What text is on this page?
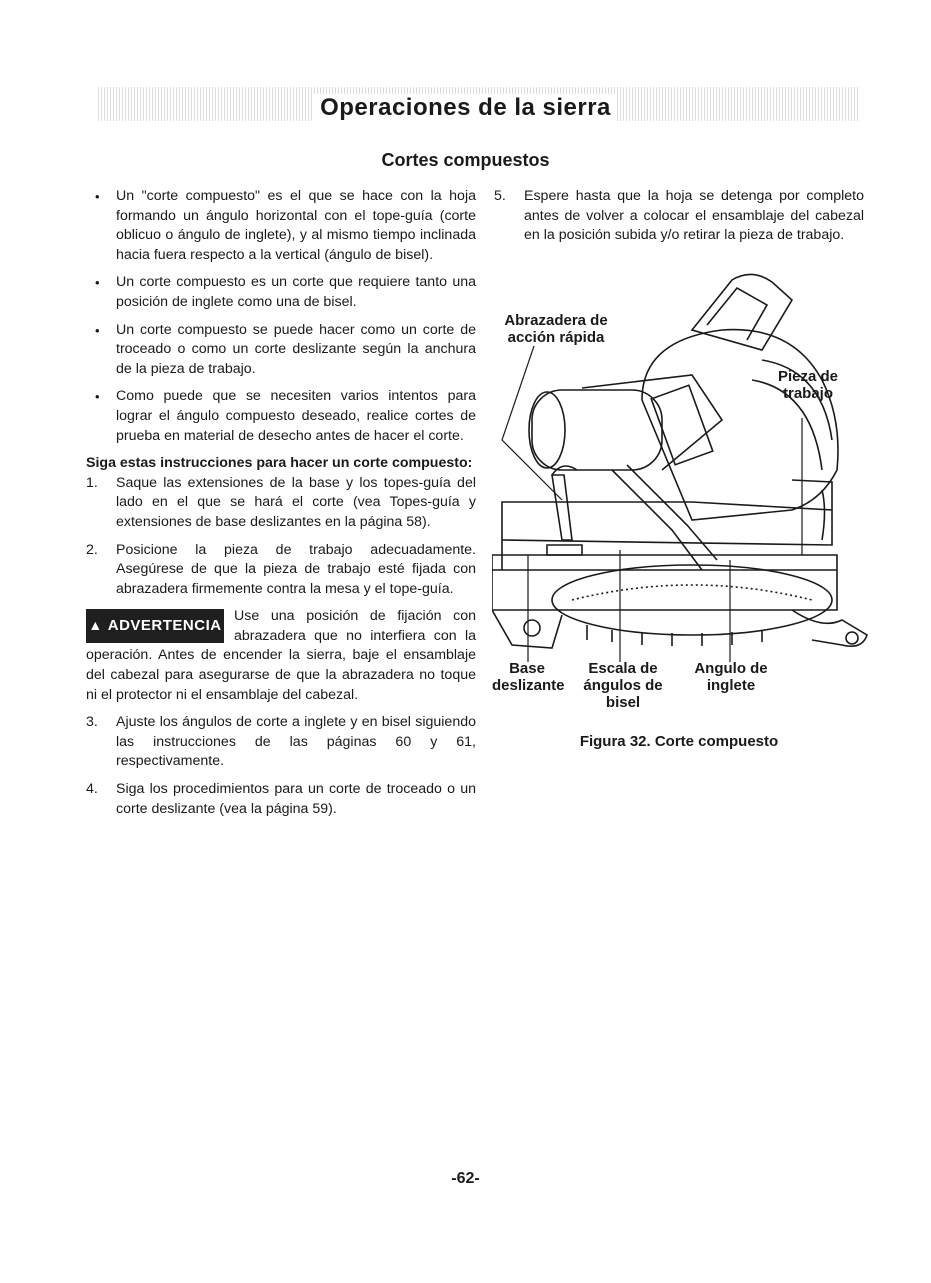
Operaciones de la sierra
Cortes compuestos
• Un "corte compuesto" es el que se hace con la hoja formando un ángulo horizontal con el tope-guía (corte oblicuo o ángulo de inglete), y al mismo tiempo inclinada hacia fuera respecto a la vertical (ángulo de bisel).
• Un corte compuesto es un corte que requiere tanto una posición de inglete como una de bisel.
• Un corte compuesto se puede hacer como un corte de troceado o como un corte deslizante según la anchura de la pieza de trabajo.
• Como puede que se necesiten varios intentos para lograr el ángulo compuesto deseado, realice cortes de prueba en material de desecho antes de hacer el corte.
Siga estas instrucciones para hacer un corte compuesto:
1. Saque las extensiones de la base y los topes-guía del lado en el que se hará el corte (vea Topes-guía y extensiones de base deslizantes en la página 58).
2. Posicione la pieza de trabajo adecuadamente. Asegúrese de que la pieza de trabajo esté fijada con abrazadera firmemente contra la mesa y el tope-guía.
▲ ADVERTENCIA
Use una posición de fijación con abrazadera que no interfiera con la operación. Antes de encender la sierra, baje el ensamblaje del cabezal para asegurarse de que la abrazadera no toque ni el protector ni el ensamblaje del cabezal.
3. Ajuste los ángulos de corte a inglete y en bisel siguiendo las instrucciones de las páginas 60 y 61, respectivamente.
4. Siga los procedimientos para un corte de troceado o un corte deslizante (vea la página 59).
5. Espere hasta que la hoja se detenga por completo antes de volver a colocar el ensamblaje del cabezal en la posición subida y/o retirar la pieza de trabajo.
Abrazadera de acción rápida
Pieza de trabajo
Base deslizante
Escala de ángulos de bisel
Angulo de inglete
Figura 32. Corte compuesto
-62-
